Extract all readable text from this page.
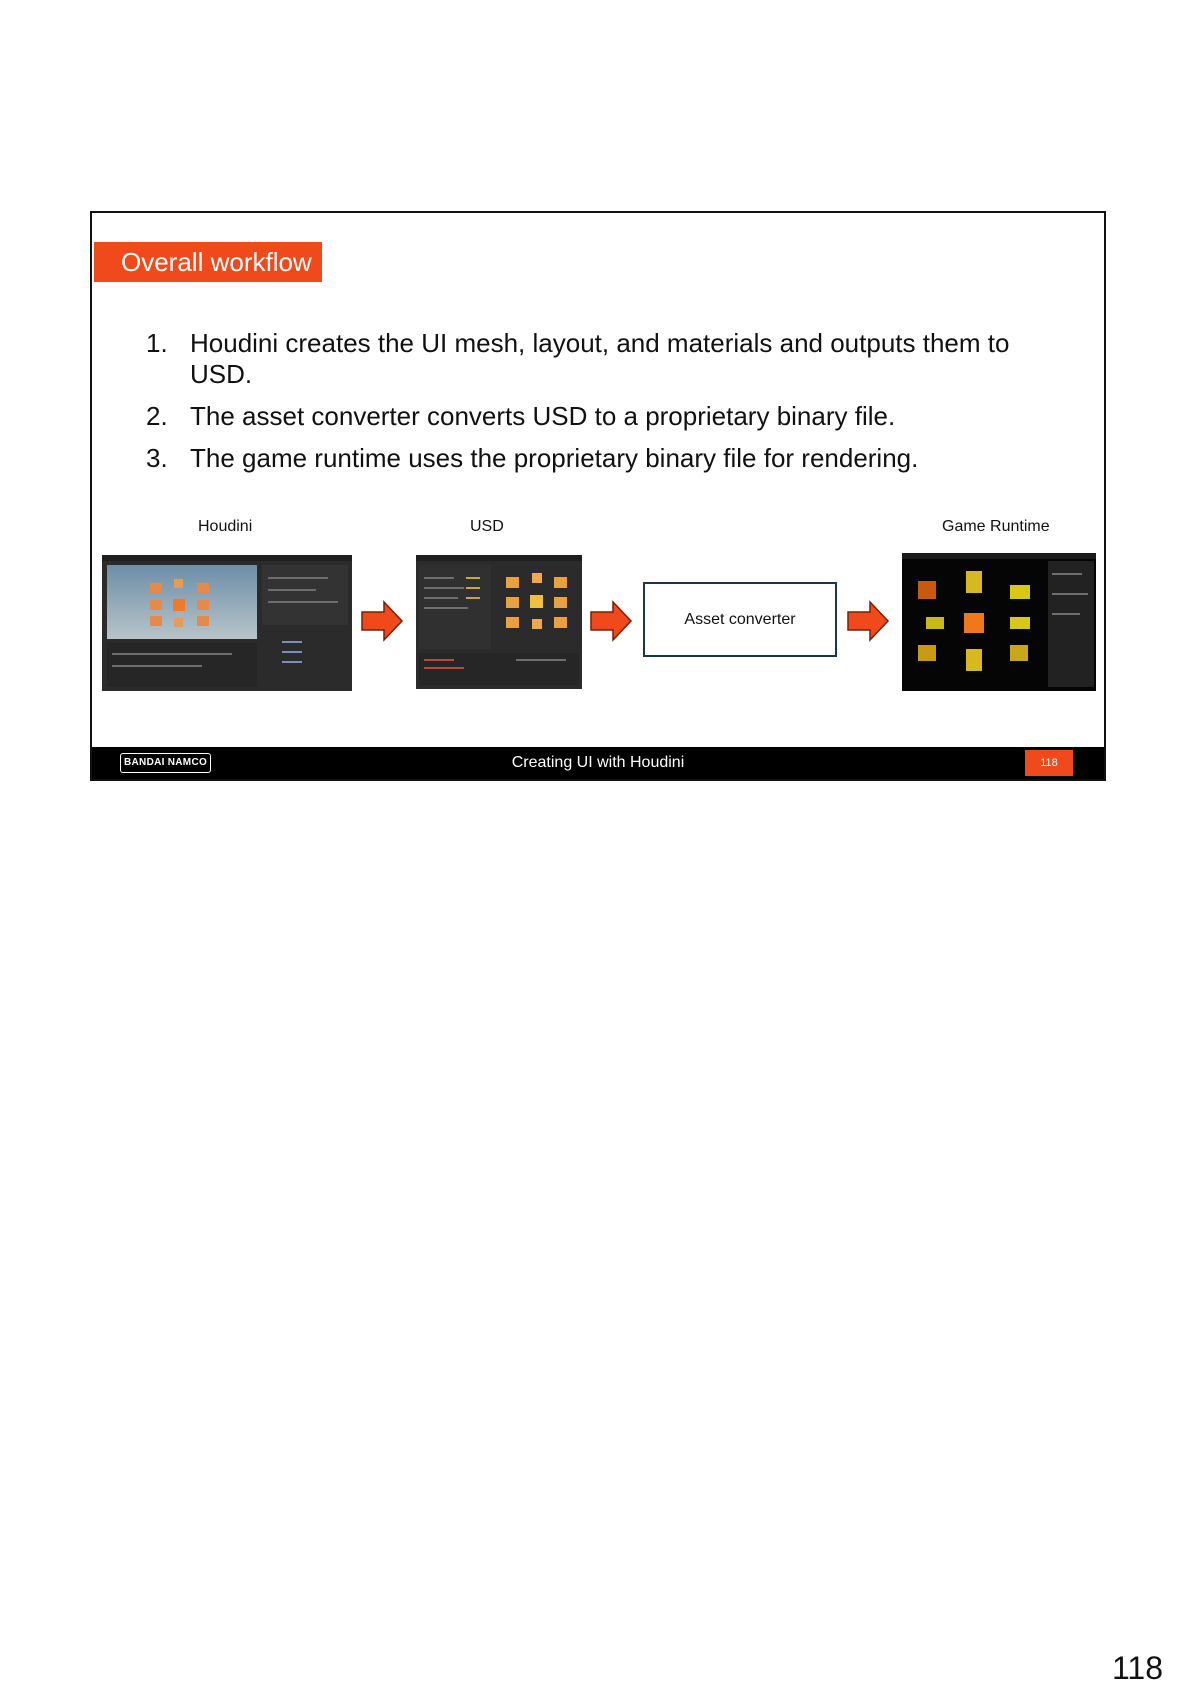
Overall workflow
1. Houdini creates the UI mesh, layout, and materials and outputs them to USD.
2. The asset converter converts USD to a proprietary binary file.
3. The game runtime uses the proprietary binary file for rendering.
Houdini	USD	Game Runtime
Asset converter
BANDAI NAMCO	Creating UI with Houdini	118
118
